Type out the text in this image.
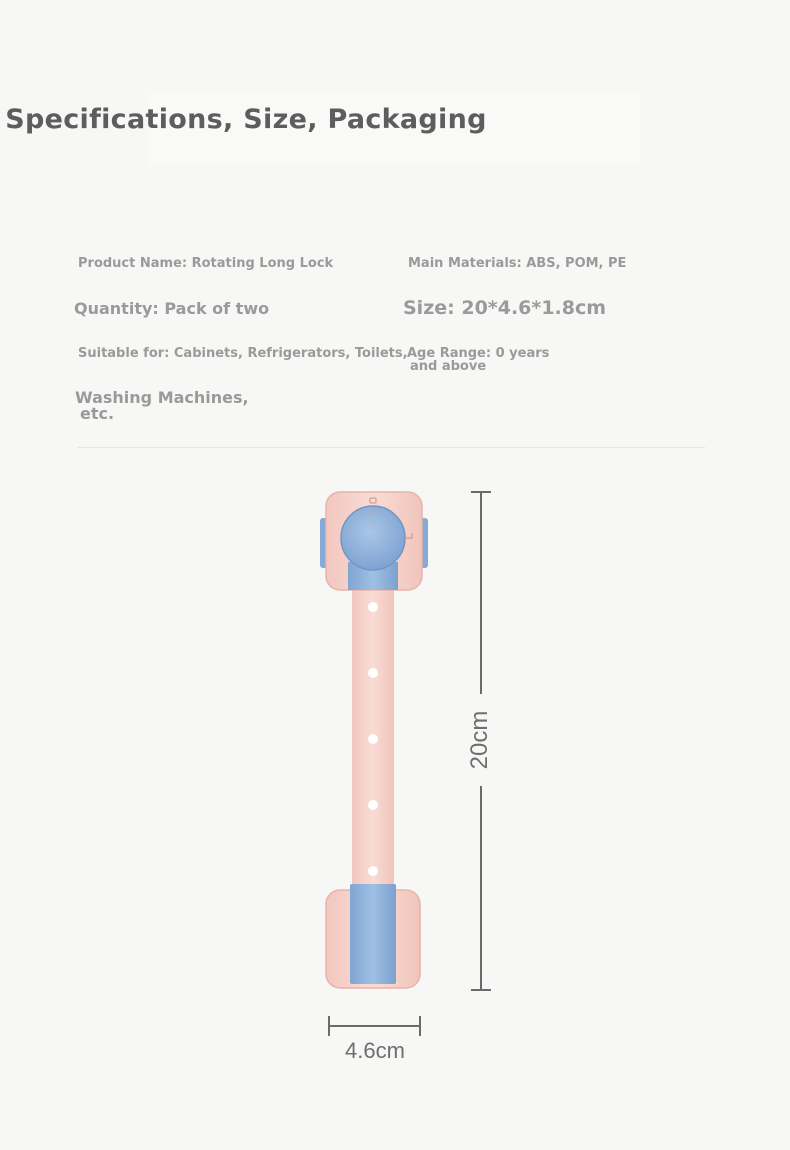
Specifications, Size, Packaging
Product Name: Rotating Long Lock	Main Materials: ABS, POM, PE
Quantity: Pack of two	Size: 20*4.6*1.8cm
Suitable for: Cabinets, Refrigerators, Toilets, Age Range: 0 years
and above
Washing Machines,
etc.
20cm
4.6cm
